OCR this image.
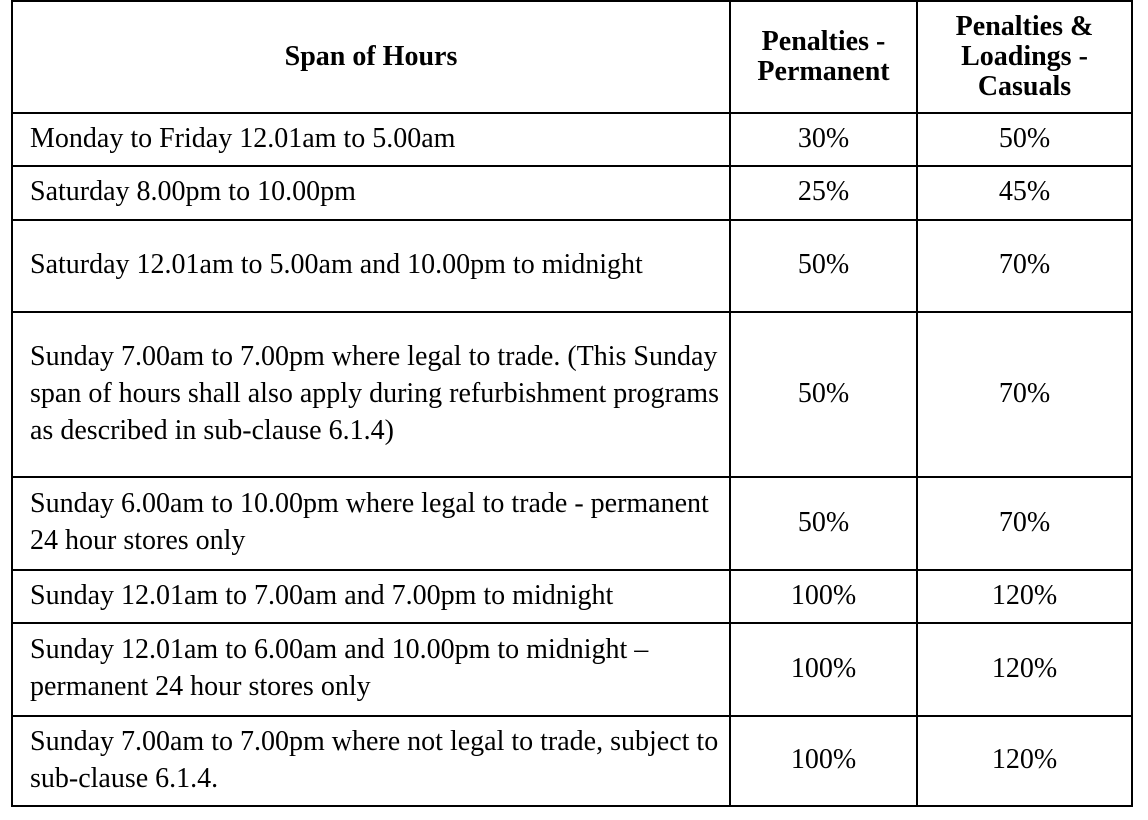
Span of Hours	Penalties - Permanent	Penalties & Loadings - Casuals

Monday to Friday 12.01am to 5.00am	30%	50%
Saturday 8.00pm to 10.00pm	25%	45%
Saturday 12.01am to 5.00am and 10.00pm to midnight	50%	70%
Sunday 7.00am to 7.00pm where legal to trade. (This Sunday span of hours shall also apply during refurbishment programs as described in sub-clause 6.1.4)	50%	70%
Sunday 6.00am to 10.00pm where legal to trade - permanent 24 hour stores only	50%	70%
Sunday 12.01am to 7.00am and 7.00pm to midnight	100%	120%
Sunday 12.01am to 6.00am and 10.00pm to midnight – permanent 24 hour stores only	100%	120%
Sunday 7.00am to 7.00pm where not legal to trade, subject to sub-clause 6.1.4.	100%	120%
